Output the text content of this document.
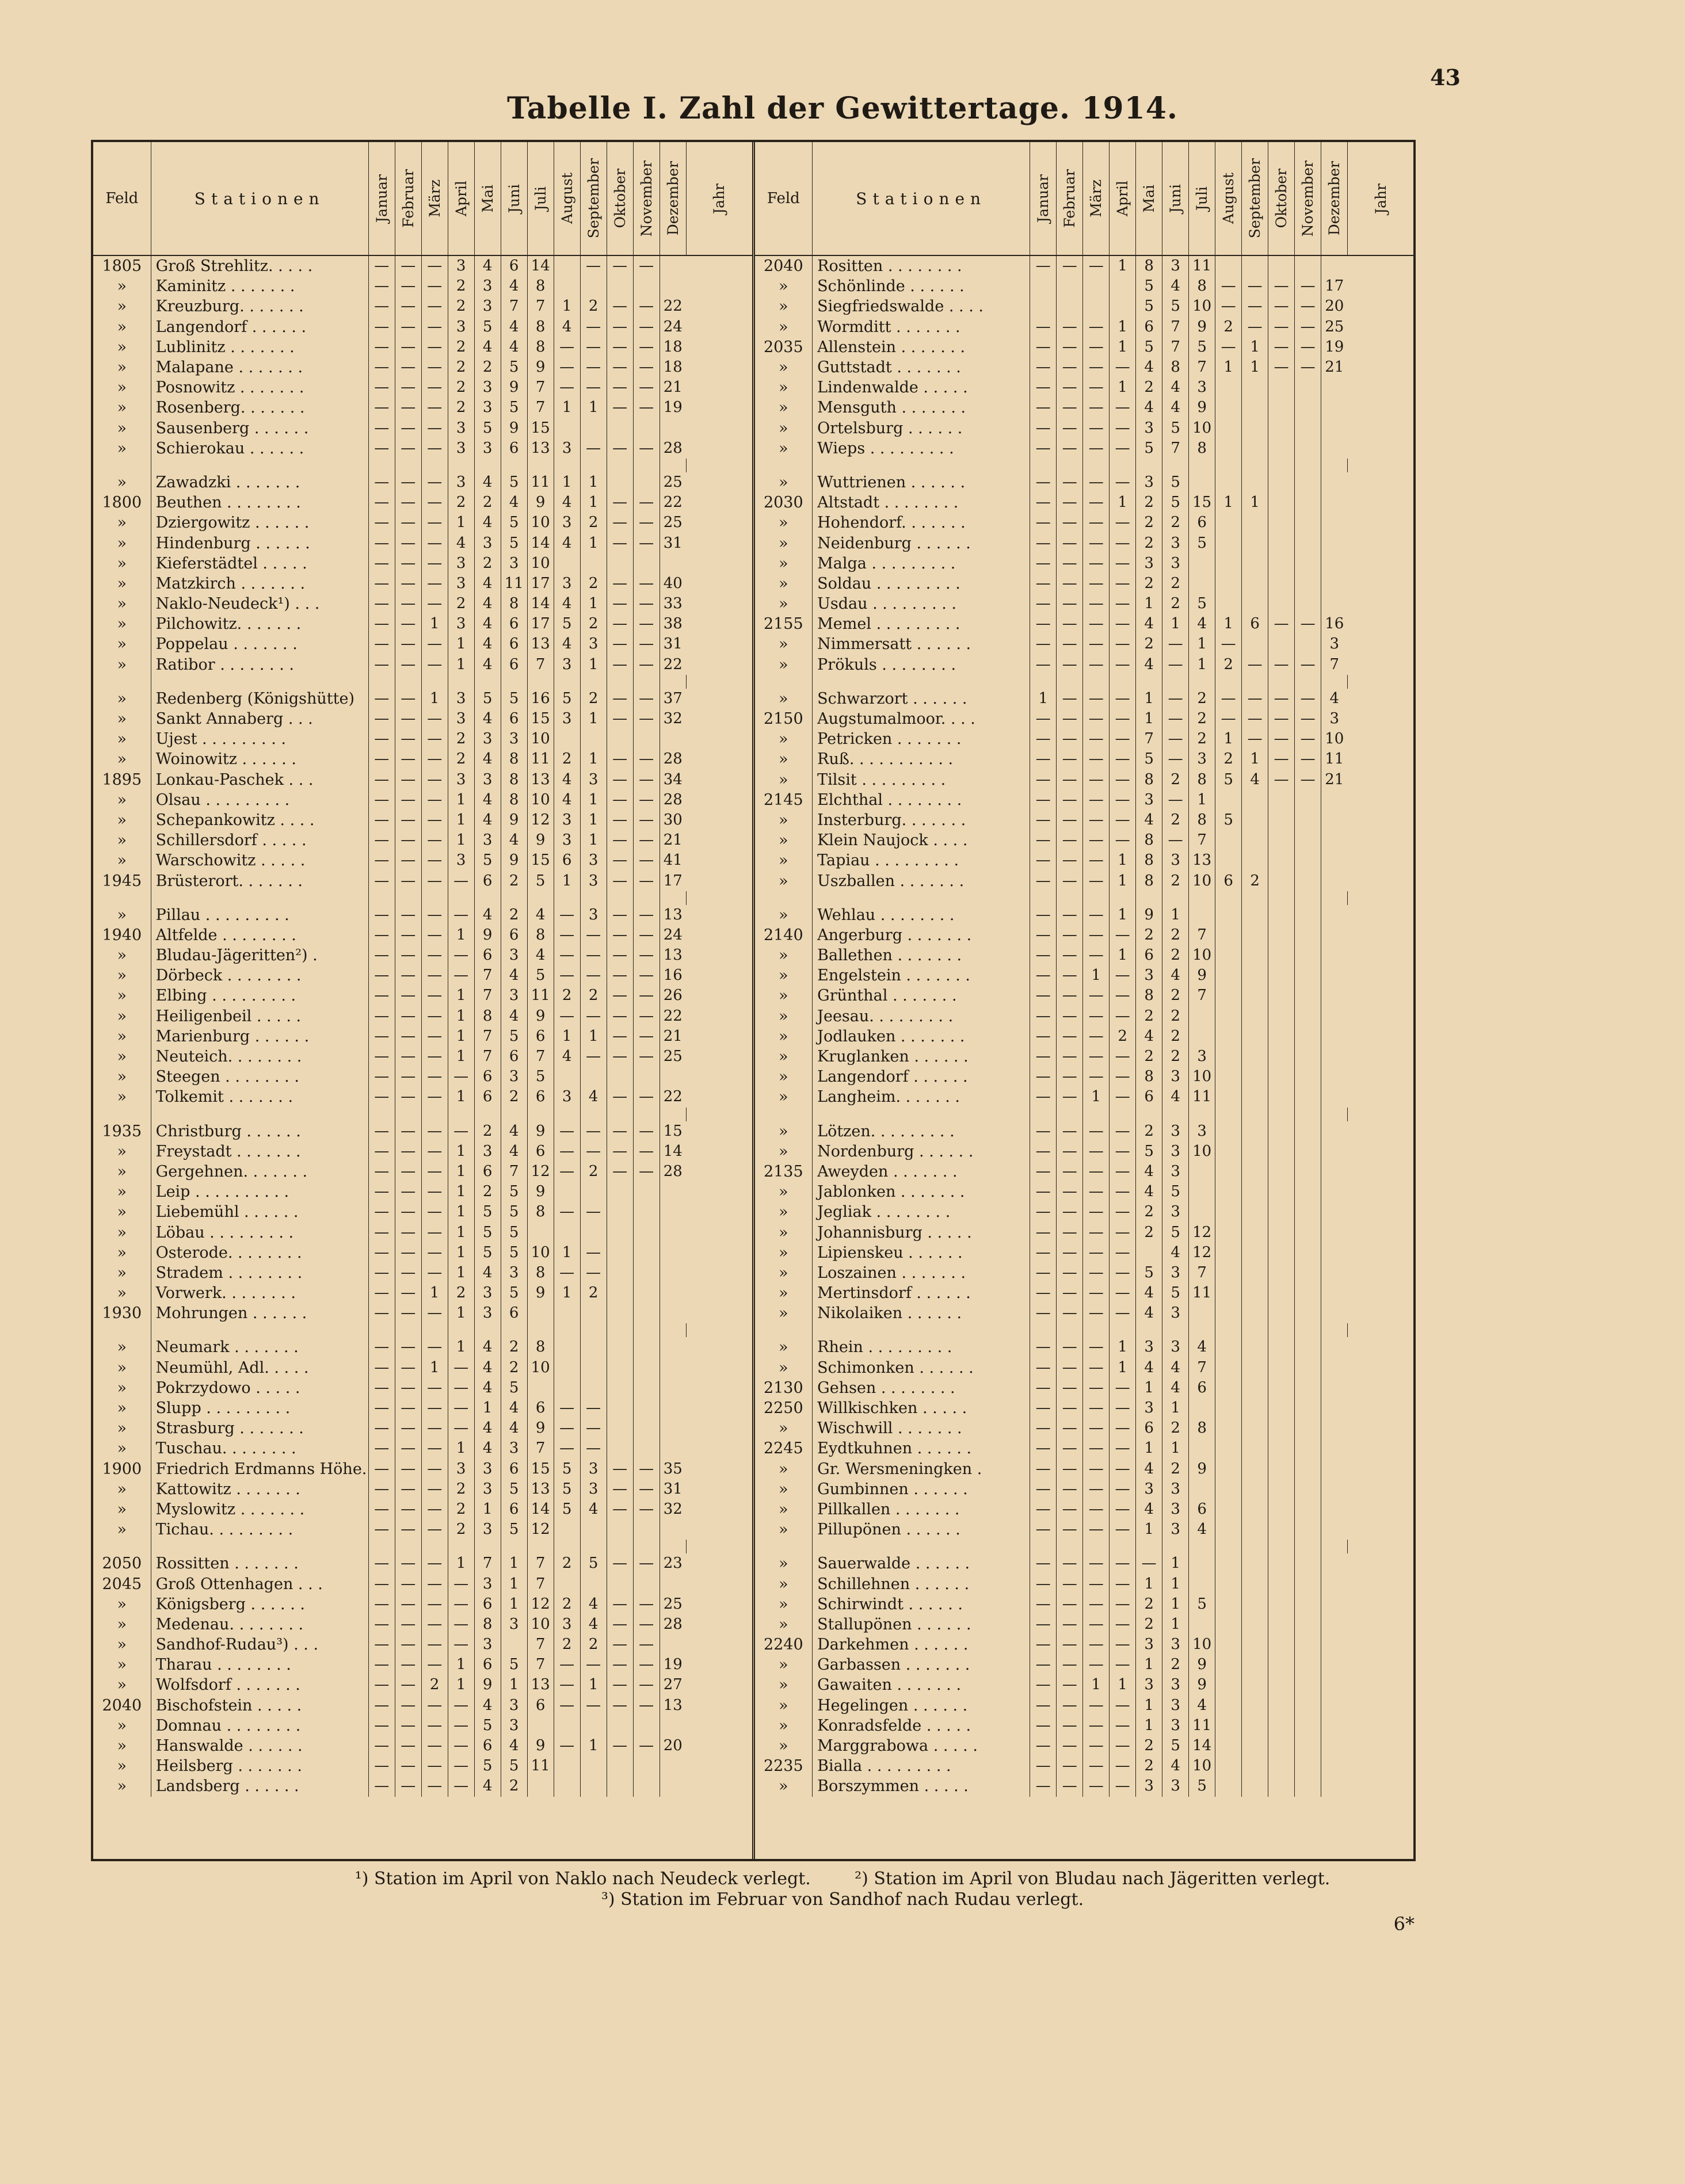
43
Tabelle I. Zahl der Gewittertage. 1914.
Feld	Stationen	Januar	Februar	März	April	Mai	Juni	Juli	August	September	Oktober	November	Dezember	Jahr

1805	Groß Strehlitz. . . . .	—	—	—	3	4	6	14		—	—	—		
»	Kaminitz . . . . . . .	—	—	—	2	3	4	8						
»	Kreuzburg. . . . . . .	—	—	—	2	3	7	7	1	2	—	—	22	
»	Langendorf . . . . . .	—	—	—	3	5	4	8	4	—	—	—	24	
»	Lublinitz . . . . . . .	—	—	—	2	4	4	8	—	—	—	—	18	
»	Malapane . . . . . . .	—	—	—	2	2	5	9	—	—	—	—	18	
»	Posnowitz . . . . . . .	—	—	—	2	3	9	7	—	—	—	—	21	
»	Rosenberg. . . . . . .	—	—	—	2	3	5	7	1	1	—	—	19	
»	Sausenberg . . . . . .	—	—	—	3	5	9	15						
»	Schierokau . . . . . .	—	—	—	3	3	6	13	3	—	—	—	28	

»	Zawadzki . . . . . . .	—	—	—	3	4	5	11	1	1			25	
1800	Beuthen . . . . . . . .	—	—	—	2	2	4	9	4	1	—	—	22	
»	Dziergowitz . . . . . .	—	—	—	1	4	5	10	3	2	—	—	25	
»	Hindenburg . . . . . .	—	—	—	4	3	5	14	4	1	—	—	31	
»	Kieferstädtel . . . . .	—	—	—	3	2	3	10						
»	Matzkirch . . . . . . .	—	—	—	3	4	11	17	3	2	—	—	40	
»	Naklo-Neudeck¹) . . .	—	—	—	2	4	8	14	4	1	—	—	33	
»	Pilchowitz. . . . . . .	—	—	1	3	4	6	17	5	2	—	—	38	
»	Poppelau . . . . . . .	—	—	—	1	4	6	13	4	3	—	—	31	
»	Ratibor . . . . . . . .	—	—	—	1	4	6	7	3	1	—	—	22	

»	Redenberg (Königshütte)	—	—	1	3	5	5	16	5	2	—	—	37	
»	Sankt Annaberg . . .	—	—	—	3	4	6	15	3	1	—	—	32	
»	Ujest . . . . . . . . .	—	—	—	2	3	3	10						
»	Woinowitz . . . . . .	—	—	—	2	4	8	11	2	1	—	—	28	
1895	Lonkau-Paschek . . .	—	—	—	3	3	8	13	4	3	—	—	34	
»	Olsau . . . . . . . . .	—	—	—	1	4	8	10	4	1	—	—	28	
»	Schepankowitz . . . .	—	—	—	1	4	9	12	3	1	—	—	30	
»	Schillersdorf . . . . .	—	—	—	1	3	4	9	3	1	—	—	21	
»	Warschowitz . . . . .	—	—	—	3	5	9	15	6	3	—	—	41	
1945	Brüsterort. . . . . . .	—	—	—	—	6	2	5	1	3	—	—	17	

»	Pillau . . . . . . . . .	—	—	—	—	4	2	4	—	3	—	—	13	
1940	Altfelde . . . . . . . .	—	—	—	1	9	6	8	—	—	—	—	24	
»	Bludau-Jägeritten²) .	—	—	—	—	6	3	4	—	—	—	—	13	
»	Dörbeck . . . . . . . .	—	—	—	—	7	4	5	—	—	—	—	16	
»	Elbing . . . . . . . . .	—	—	—	1	7	3	11	2	2	—	—	26	
»	Heiligenbeil . . . . .	—	—	—	1	8	4	9	—	—	—	—	22	
»	Marienburg . . . . . .	—	—	—	1	7	5	6	1	1	—	—	21	
»	Neuteich. . . . . . . .	—	—	—	1	7	6	7	4	—	—	—	25	
»	Steegen . . . . . . . .	—	—	—	—	6	3	5						
»	Tolkemit . . . . . . .	—	—	—	1	6	2	6	3	4	—	—	22	

1935	Christburg . . . . . .	—	—	—	—	2	4	9	—	—	—	—	15	
»	Freystadt . . . . . . .	—	—	—	1	3	4	6	—	—	—	—	14	
»	Gergehnen. . . . . . .	—	—	—	1	6	7	12	—	2	—	—	28	
»	Leip . . . . . . . . . .	—	—	—	1	2	5	9						
»	Liebemühl . . . . . .	—	—	—	1	5	5	8	—	—				
»	Löbau . . . . . . . . .	—	—	—	1	5	5							
»	Osterode. . . . . . . .	—	—	—	1	5	5	10	1	—				
»	Stradem . . . . . . . .	—	—	—	1	4	3	8	—	—				
»	Vorwerk. . . . . . . .	—	—	1	2	3	5	9	1	2				
1930	Mohrungen . . . . . .	—	—	—	1	3	6							

»	Neumark . . . . . . .	—	—	—	1	4	2	8						
»	Neumühl, Adl. . . . .	—	—	1	—	4	2	10						
»	Pokrzydowo . . . . .	—	—	—	—	4	5							
»	Slupp . . . . . . . . .	—	—	—	—	1	4	6	—	—				
»	Strasburg . . . . . . .	—	—	—	—	4	4	9	—	—				
»	Tuschau. . . . . . . .	—	—	—	1	4	3	7	—	—				
1900	Friedrich Erdmanns Höhe.	—	—	—	3	3	6	15	5	3	—	—	35	
»	Kattowitz . . . . . . .	—	—	—	2	3	5	13	5	3	—	—	31	
»	Myslowitz . . . . . . .	—	—	—	2	1	6	14	5	4	—	—	32	
»	Tichau. . . . . . . . .	—	—	—	2	3	5	12						

2050	Rossitten . . . . . . .	—	—	—	1	7	1	7	2	5	—	—	23	
2045	Groß Ottenhagen . . .	—	—	—	—	3	1	7						
»	Königsberg . . . . . .	—	—	—	—	6	1	12	2	4	—	—	25	
»	Medenau. . . . . . . .	—	—	—	—	8	3	10	3	4	—	—	28	
»	Sandhof-Rudau³) . . .	—	—	—	—	3		7	2	2	—	—		
»	Tharau . . . . . . . .	—	—	—	1	6	5	7	—	—	—	—	19	
»	Wolfsdorf . . . . . . .	—	—	2	1	9	1	13	—	1	—	—	27	
2040	Bischofstein . . . . .	—	—	—	—	4	3	6	—	—	—	—	13	
»	Domnau . . . . . . . .	—	—	—	—	5	3							
»	Hanswalde . . . . . .	—	—	—	—	6	4	9	—	1	—	—	20	
»	Heilsberg . . . . . . .	—	—	—	—	5	5	11						
»	Landsberg . . . . . .	—	—	—	—	4	2							
Feld	Stationen	Januar	Februar	März	April	Mai	Juni	Juli	August	September	Oktober	November	Dezember	Jahr

2040	Rositten . . . . . . . .	—	—	—	1	8	3	11						
»	Schönlinde . . . . . .					5	4	8	—	—	—	—	17	
»	Siegfriedswalde . . . .					5	5	10	—	—	—	—	20	
»	Wormditt . . . . . . .	—	—	—	1	6	7	9	2	—	—	—	25	
2035	Allenstein . . . . . . .	—	—	—	1	5	7	5	—	1	—	—	19	
»	Guttstadt . . . . . . .	—	—	—	—	4	8	7	1	1	—	—	21	
»	Lindenwalde . . . . .	—	—	—	1	2	4	3						
»	Mensguth . . . . . . .	—	—	—	—	4	4	9						
»	Ortelsburg . . . . . .	—	—	—	—	3	5	10						
»	Wieps . . . . . . . . .	—	—	—	—	5	7	8						

»	Wuttrienen . . . . . .	—	—	—	—	3	5							
2030	Altstadt . . . . . . . .	—	—	—	1	2	5	15	1	1				
»	Hohendorf. . . . . . .	—	—	—	—	2	2	6						
»	Neidenburg . . . . . .	—	—	—	—	2	3	5						
»	Malga . . . . . . . . .	—	—	—	—	3	3							
»	Soldau . . . . . . . . .	—	—	—	—	2	2							
»	Usdau . . . . . . . . .	—	—	—	—	1	2	5						
2155	Memel . . . . . . . . .	—	—	—	—	4	1	4	1	6	—	—	16	
»	Nimmersatt . . . . . .	—	—	—	—	2	—	1	—				3	
»	Prökuls . . . . . . . .	—	—	—	—	4	—	1	2	—	—	—	7	

»	Schwarzort . . . . . .	1	—	—	—	1	—	2	—	—	—	—	4	
2150	Augstumalmoor. . . .	—	—	—	—	1	—	2	—	—	—	—	3	
»	Petricken . . . . . . .	—	—	—	—	7	—	2	1	—	—	—	10	
»	Ruß. . . . . . . . . . .	—	—	—	—	5	—	3	2	1	—	—	11	
»	Tilsit . . . . . . . . .	—	—	—	—	8	2	8	5	4	—	—	21	
2145	Elchthal . . . . . . . .	—	—	—	—	3	—	1						
»	Insterburg. . . . . . .	—	—	—	—	4	2	8	5					
»	Klein Naujock . . . .	—	—	—	—	8	—	7						
»	Tapiau . . . . . . . . .	—	—	—	1	8	3	13						
»	Uszballen . . . . . . .	—	—	—	1	8	2	10	6	2				

»	Wehlau . . . . . . . .	—	—	—	1	9	1							
2140	Angerburg . . . . . . .	—	—	—	—	2	2	7						
»	Ballethen . . . . . . .	—	—	—	1	6	2	10						
»	Engelstein . . . . . . .	—	—	1	—	3	4	9						
»	Grünthal . . . . . . .	—	—	—	—	8	2	7						
»	Jeesau. . . . . . . . .	—	—	—	—	2	2							
»	Jodlauken . . . . . . .	—	—	—	2	4	2							
»	Kruglanken . . . . . .	—	—	—	—	2	2	3						
»	Langendorf . . . . . .	—	—	—	—	8	3	10						
»	Langheim. . . . . . .	—	—	1	—	6	4	11						

»	Lötzen. . . . . . . . .	—	—	—	—	2	3	3						
»	Nordenburg . . . . . .	—	—	—	—	5	3	10						
2135	Aweyden . . . . . . .	—	—	—	—	4	3							
»	Jablonken . . . . . . .	—	—	—	—	4	5							
»	Jegliak . . . . . . . .	—	—	—	—	2	3							
»	Johannisburg . . . . .	—	—	—	—	2	5	12						
»	Lipienskeu . . . . . .	—	—	—	—		4	12						
»	Loszainen . . . . . . .	—	—	—	—	5	3	7						
»	Mertinsdorf . . . . . .	—	—	—	—	4	5	11						
»	Nikolaiken . . . . . .	—	—	—	—	4	3							

»	Rhein . . . . . . . . .	—	—	—	1	3	3	4						
»	Schimonken . . . . . .	—	—	—	1	4	4	7						
2130	Gehsen . . . . . . . .	—	—	—	—	1	4	6						
2250	Willkischken . . . . .	—	—	—	—	3	1							
»	Wischwill . . . . . . .	—	—	—	—	6	2	8						
2245	Eydtkuhnen . . . . . .	—	—	—	—	1	1							
»	Gr. Wersmeningken .	—	—	—	—	4	2	9						
»	Gumbinnen . . . . . .	—	—	—	—	3	3							
»	Pillkallen . . . . . . .	—	—	—	—	4	3	6						
»	Pillupönen . . . . . .	—	—	—	—	1	3	4						

»	Sauerwalde . . . . . .	—	—	—	—	—	1							
»	Schillehnen . . . . . .	—	—	—	—	1	1							
»	Schirwindt . . . . . .	—	—	—	—	2	1	5						
»	Stallupönen . . . . . .	—	—	—	—	2	1							
2240	Darkehmen . . . . . .	—	—	—	—	3	3	10						
»	Garbassen . . . . . . .	—	—	—	—	1	2	9						
»	Gawaiten . . . . . . .	—	—	1	1	3	3	9						
»	Hegelingen . . . . . .	—	—	—	—	1	3	4						
»	Konradsfelde . . . . .	—	—	—	—	1	3	11						
»	Marggrabowa . . . . .	—	—	—	—	2	5	14						
2235	Bialla . . . . . . . . .	—	—	—	—	2	4	10						
»	Borszymmen . . . . .	—	—	—	—	3	3	5						
¹) Station im April von Naklo nach Neudeck verlegt.        ²) Station im April von Bludau nach Jägeritten verlegt.
³) Station im Februar von Sandhof nach Rudau verlegt.
6*
